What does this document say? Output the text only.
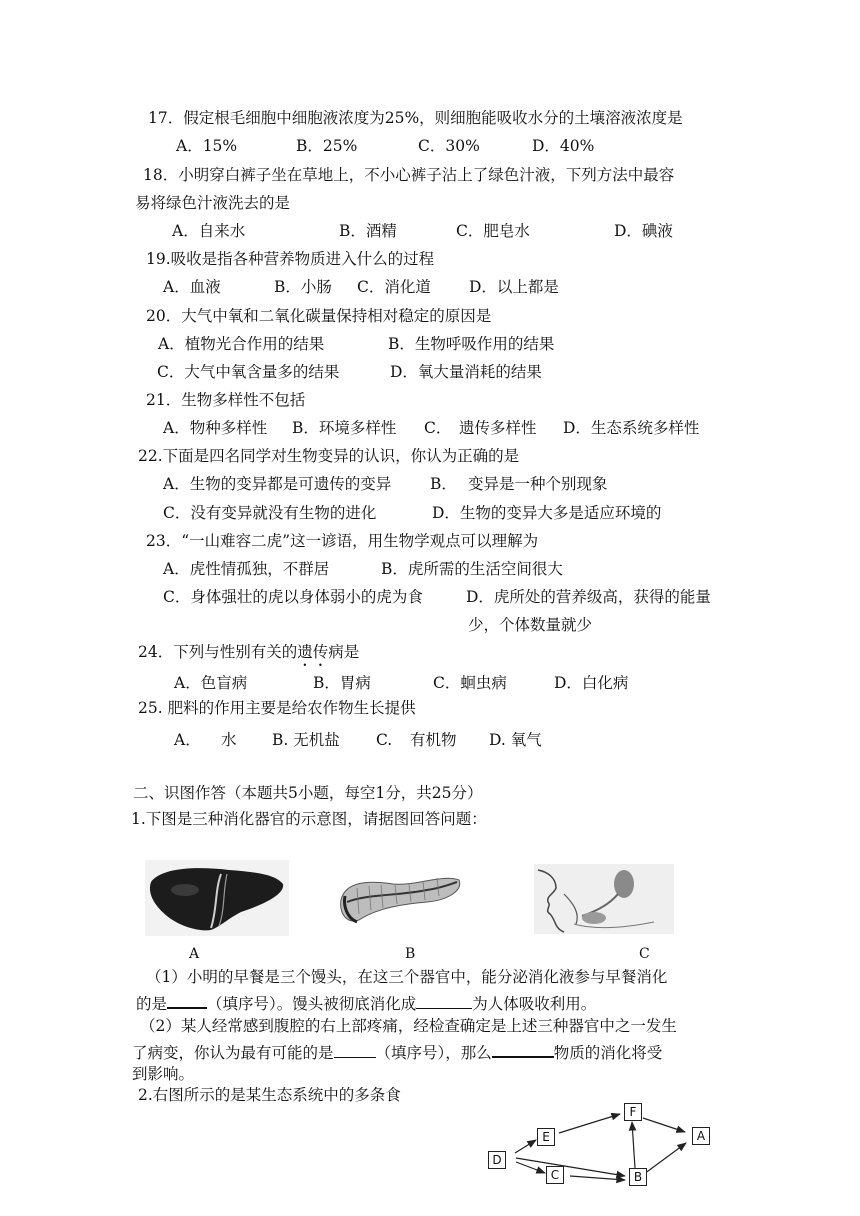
17．假定根毛细胞中细胞液浓度为25%，则细胞能吸收水分的土壤溶液浓度是
A．15%	B．25%	C．30%	D．40%
18．小明穿白裤子坐在草地上，不小心裤子沾上了绿色汁液，下列方法中最容
易将绿色汁液洗去的是
A．自来水	B．酒精	C．肥皂水	D．碘液
19.吸收是指各种营养物质进入什么的过程
A．血液	B．小肠 C．消化道 D．以上都是
20．大气中氧和二氧化碳量保持相对稳定的原因是
A．植物光合作用的结果	B．生物呼吸作用的结果
C．大气中氧含量多的结果	D．氧大量消耗的结果
21．生物多样性不包括
A．物种多样性 B．环境多样性 C． 遗传多样性 D．生态系统多样性
22.下面是四名同学对生物变异的认识，你认为正确的是
A．生物的变异都是可遗传的变异	B． 变异是一种个别现象
C．没有变异就没有生物的进化	D．生物的变异大多是适应环境的
23．“一山难容二虎”这一谚语，用生物学观点可以理解为
A．虎性情孤独，不群居	B．虎所需的生活空间很大
C．身体强壮的虎以身体弱小的虎为食	D．虎所处的营养级高，获得的能量
少，个体数量就少
24．下列与性别有关的遗传病是
A．色盲病	B．胃病	C．蛔虫病	D．白化病
25. 肥料的作用主要是给农作物生长提供
A． 水 B. 无机盐 C. 有机物 D. 氧气
二、识图作答（本题共5小题，每空1分，共25分）
1.下图是三种消化器官的示意图，请据图回答问题：
A	B	C
（1）小明的早餐是三个馒头，在这三个器官中，能分泌消化液参与早餐消化
的是	（填序号）。馒头被彻底消化成	为人体吸收利用。
（2）某人经常感到腹腔的右上部疼痛，经检查确定是上述三种器官中之一发生
了病变，你认为最有可能的是	（填序号），那么	物质的消化将受
到影响。
2.右图所示的是某生态系统中的多条食
D
E
C
F
B
A
